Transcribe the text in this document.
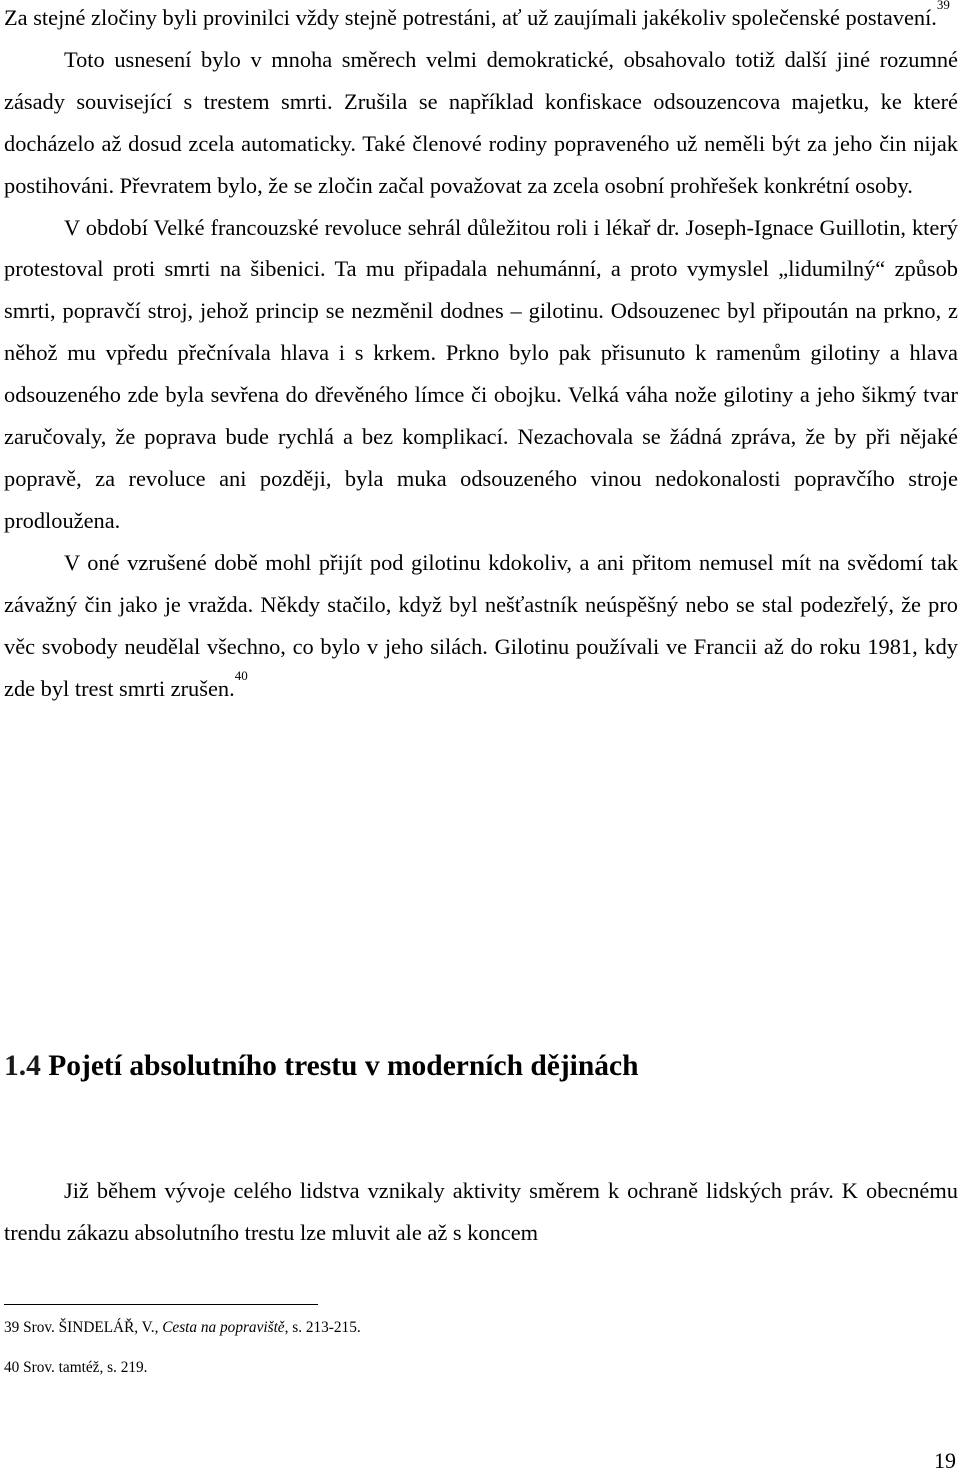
Za stejné zločiny byli provinilci vždy stejně potrestáni, ať už zaujímali jakékoliv společenské postavení.$^{39}$

Toto usnesení bylo v mnoha směrech velmi demokratické, obsahovalo totiž další jiné rozumné zásady související s trestem smrti. Zrušila se například konfiskace odsouzencova majetku, ke které docházelo až dosud zcela automaticky. Také členové rodiny popraveného už neměli být za jeho čin nijak postihováni. Převratem bylo, že se zločin začal považovat za zcela osobní prohřešek konkrétní osoby.

V období Velké francouzské revoluce sehrál důležitou roli i lékař dr. Joseph-Ignace Guillotin, který protestoval proti smrti na šibenici. Ta mu připadala nehumánní, a proto vymyslel „lidumilný“ způsob smrti, popravčí stroj, jehož princip se nezměnil dodnes – gilotinu. Odsouzenec byl připoután na prkno, z něhož mu vpředu přečnívala hlava i s krkem. Prkno bylo pak přisunuto k ramenům gilotiny a hlava odsouzeného zde byla sevřena do dřevěného límce či obojku. Velká váha nože gilotiny a jeho šikmý tvar zaručovaly, že poprava bude rychlá a bez komplikací. Nezachovala se žádná zpráva, že by při nějaké popravě, za revoluce ani později, byla muka odsouzeného vinou nedokonalosti popravčího stroje prodloužena.

V oné vzrušené době mohl přijít pod gilotinu kdokoliv, a ani přitom nemusel mít na svědomí tak závažný čin jako je vražda. Někdy stačilo, když byl nešťastník neúspěšný nebo se stal podezřelý, že pro věc svobody neudělal všechno, co bylo v jeho silách. Gilotinu používali ve Francii až do roku 1981, kdy zde byl trest smrti zrušen.$^{40}$

1.4 Pojetí absolutního trestu v moderních dějinách

Již během vývoje celého lidstva vznikaly aktivity směrem k ochraně lidských práv. K obecnému trendu zákazu absolutního trestu lze mluvit ale až s koncem

39 Srov. ŠINDELÁŘ, V., Cesta na popraviště, s. 213-215.

40 Srov. tamtéž, s. 219.

19
